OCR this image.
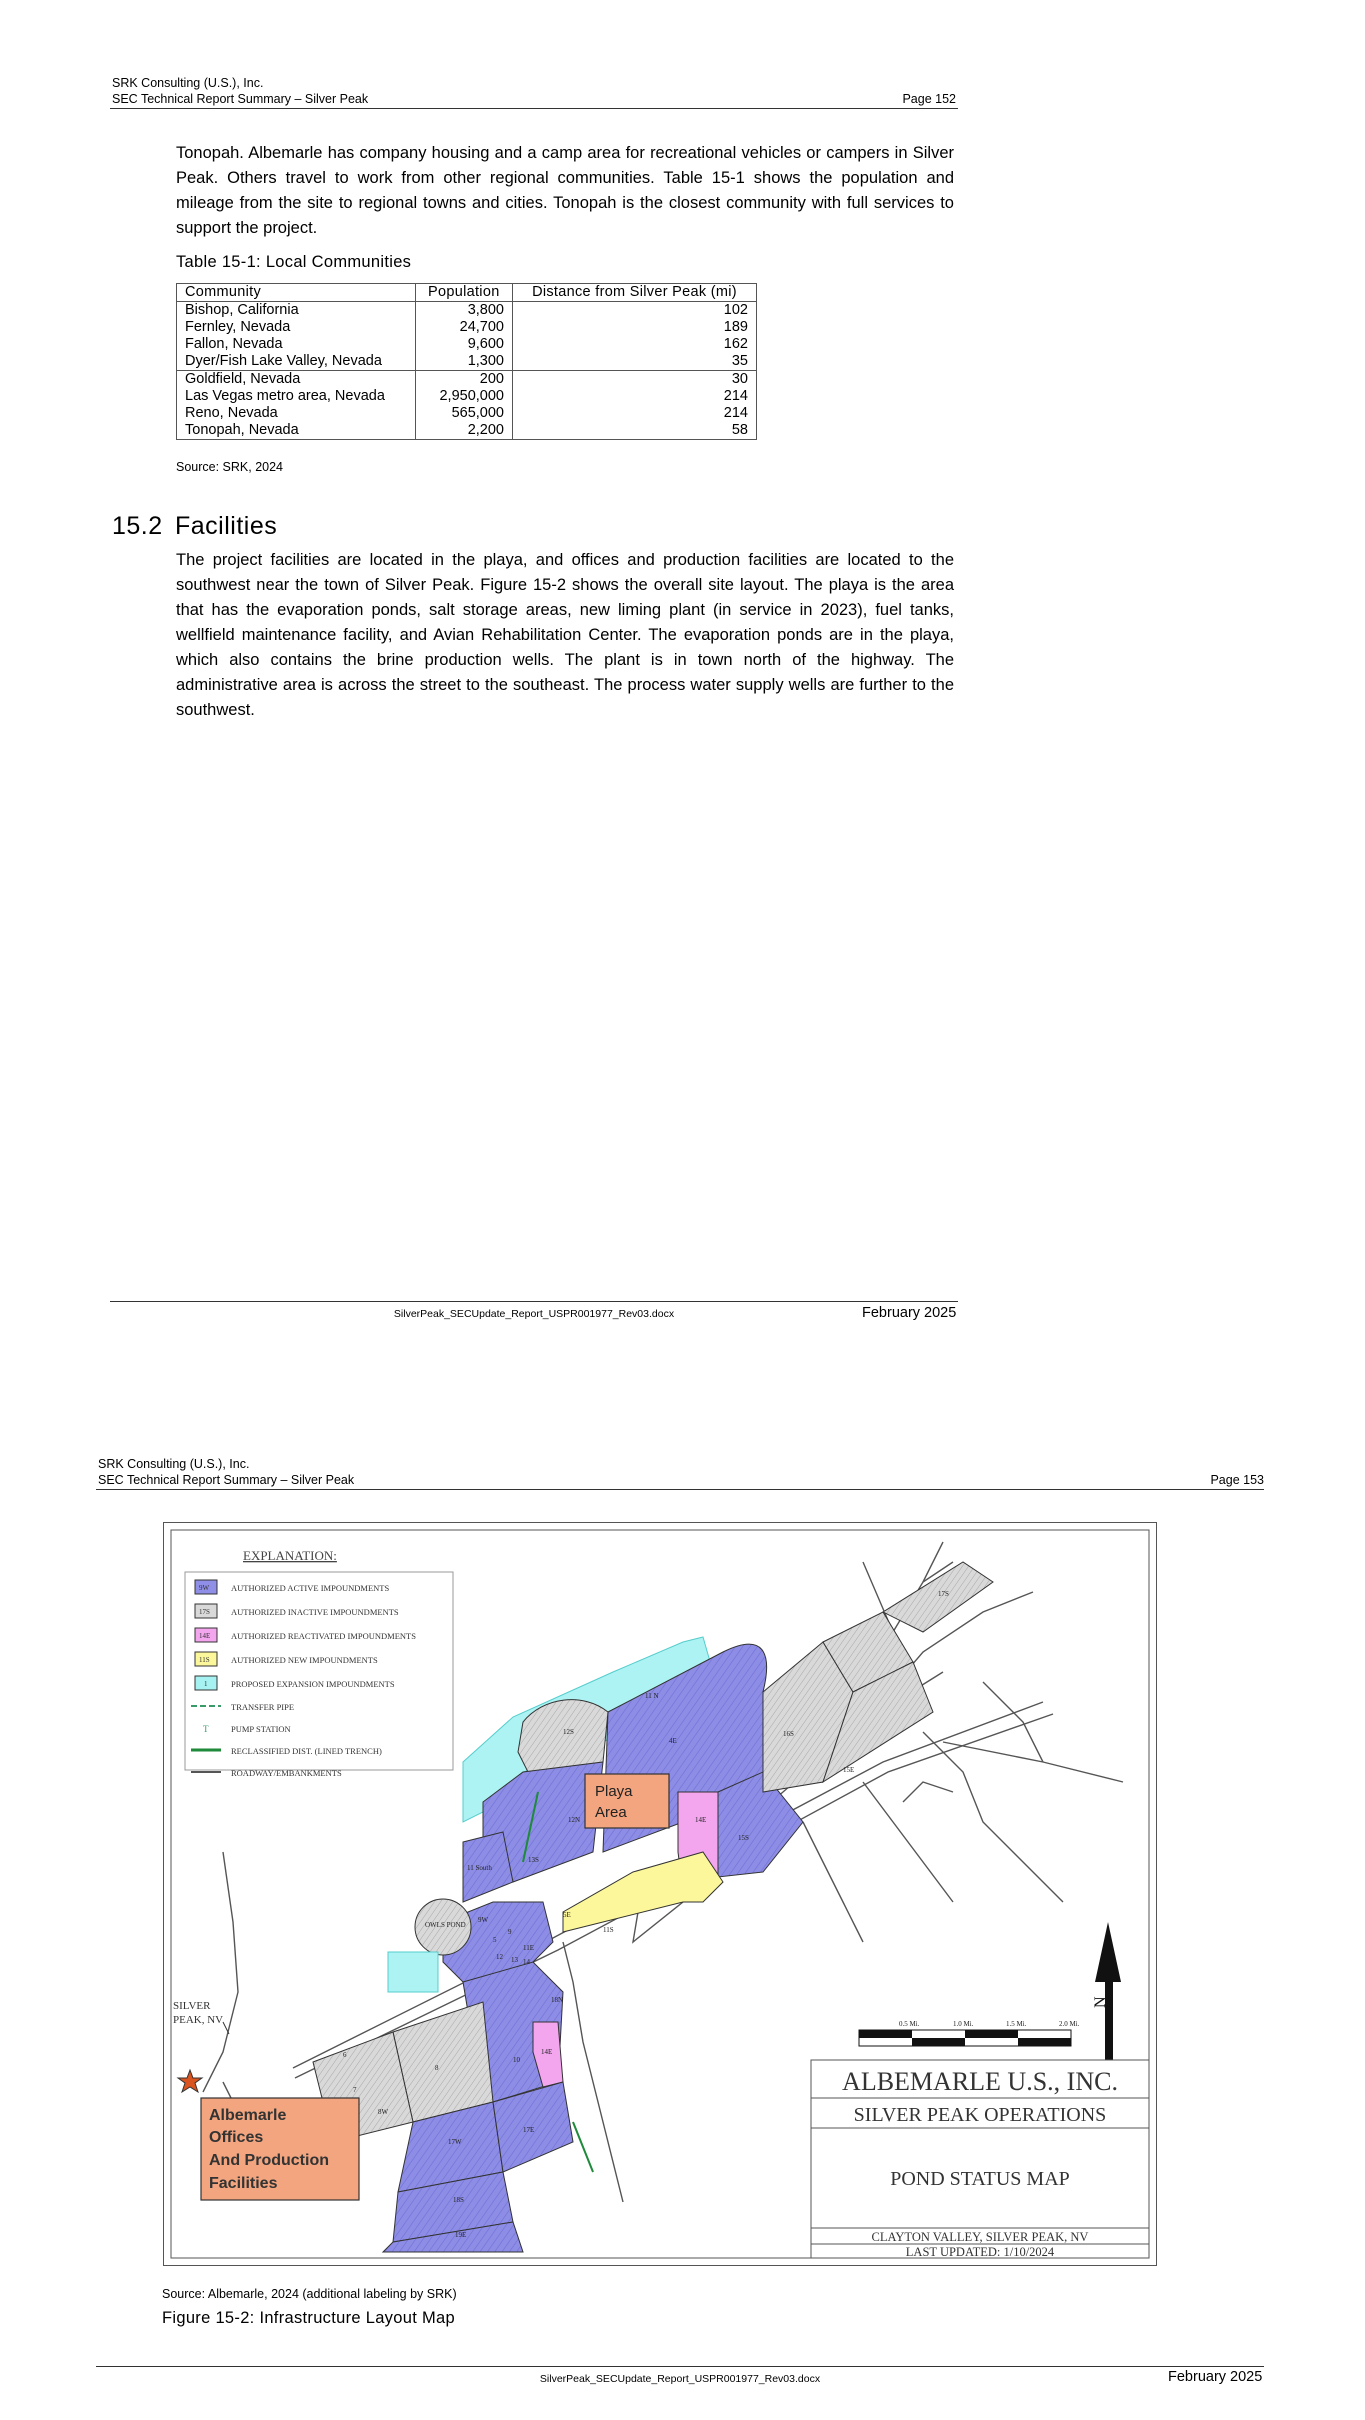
SRK Consulting (U.S.), Inc.
SEC Technical Report Summary – Silver Peak	Page 152
Tonopah. Albemarle has company housing and a camp area for recreational vehicles or campers in Silver Peak. Others travel to work from other regional communities. Table 15-1 shows the population and mileage from the site to regional towns and cities. Tonopah is the closest community with full services to support the project.
Table 15-1: Local Communities
Community	Population	Distance from Silver Peak (mi)
Bishop, California	3,800	102
Fernley, Nevada	24,700	189
Fallon, Nevada	9,600	162
Dyer/Fish Lake Valley, Nevada	1,300	35
Goldfield, Nevada	200	30
Las Vegas metro area, Nevada	2,950,000	214
Reno, Nevada	565,000	214
Tonopah, Nevada	2,200	58
Source: SRK, 2024
15.2 Facilities
The project facilities are located in the playa, and offices and production facilities are located to the southwest near the town of Silver Peak. Figure 15-2 shows the overall site layout. The playa is the area that has the evaporation ponds, salt storage areas, new liming plant (in service in 2023), fuel tanks, wellfield maintenance facility, and Avian Rehabilitation Center. The evaporation ponds are in the playa, which also contains the brine production wells. The plant is in town north of the highway. The administrative area is across the street to the southeast. The process water supply wells are further to the southwest.
SilverPeak_SECUpdate_Report_USPR001977_Rev03.docx	February 2025
SRK Consulting (U.S.), Inc.
SEC Technical Report Summary – Silver Peak	Page 153
11 N
12S
12N
4E
14E
15S
16S
17S
13S
11S
5E
9W
9
8
10
14E
17W
18S
15E
17E
7
6
5
8W
11E
18N
OWLS POND
11 South
19E
12 13 14
EXPLANATION:
9W	AUTHORIZED ACTIVE IMPOUNDMENTS
17S AUTHORIZED INACTIVE IMPOUNDMENTS
14E AUTHORIZED REACTIVATED IMPOUNDMENTS
11S	AUTHORIZED NEW IMPOUNDMENTS
1	PROPOSED EXPANSION IMPOUNDMENTS
TRANSFER PIPE
T	PUMP STATION
RECLASSIFIED DIST. (LINED TRENCH)
ROADWAY/EMBANKMENTS
Playa
Area
Albemarle
Offices
And Production
Facilities
SILVER
PEAK, NV
N
0.5 Mi.	1.0 Mi.	1.5 Mi.	2.0 Mi.
ALBEMARLE U.S., INC.
SILVER PEAK OPERATIONS
POND STATUS MAP
CLAYTON VALLEY, SILVER PEAK, NV
LAST UPDATED: 1/10/2024
Source: Albemarle, 2024 (additional labeling by SRK)
Figure 15-2: Infrastructure Layout Map
SilverPeak_SECUpdate_Report_USPR001977_Rev03.docx	February 2025
